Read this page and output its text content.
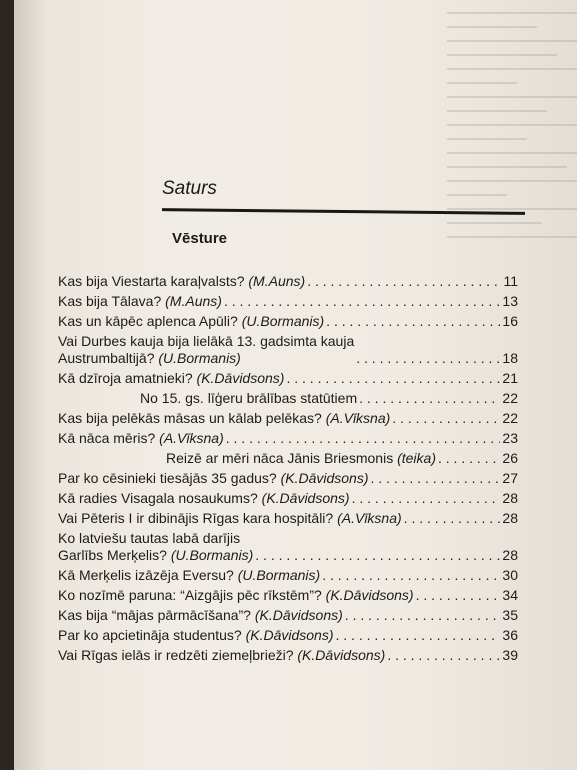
Saturs
Vēsture
Kas bija Viestarta karaļvalsts? (M.Auns) . . .	11
Kas bija Tālava? (M.Auns) . . .	13
Kas un kāpēc aplenca Apūli? (U.Bormanis) . . .	16
Vai Durbes kauja bija lielākā 13. gadsimta kauja
Austrumbaltijā? (U.Bormanis) . . .	18
Kā dzīroja amatnieki? (K.Dāvidsons) . . .	21
No 15. gs. līģeru brālības statūtiem . . .	22
Kas bija pelēkās māsas un kālab pelēkas? (A.Vīksna) . . .	22
Kā nāca mēris? (A.Vīksna) . . .	23
Reizē ar mēri nāca Jānis Briesmonis (teika) . . .	26
Par ko cēsinieki tiesājās 35 gadus? (K.Dāvidsons) . . .	27
Kā radies Visagala nosaukums? (K.Dāvidsons) . . .	28
Vai Pēteris I ir dibinājis Rīgas kara hospitāli? (A.Vīksna) . . .	28
Ko latviešu tautas labā darījis
Garlībs Merķelis? (U.Bormanis) . . .	28
Kā Merķelis izāzēja Eversu? (U.Bormanis) . . .	30
Ko nozīmē paruna: “Aizgājis pēc rīkstēm”? (K.Dāvidsons) . . .	34
Kas bija “mājas pārmācīšana”? (K.Dāvidsons) . . .	35
Par ko apcietināja studentus? (K.Dāvidsons) . . .	36
Vai Rīgas ielās ir redzēti ziemeļbrieži? (K.Dāvidsons) . . .	39
